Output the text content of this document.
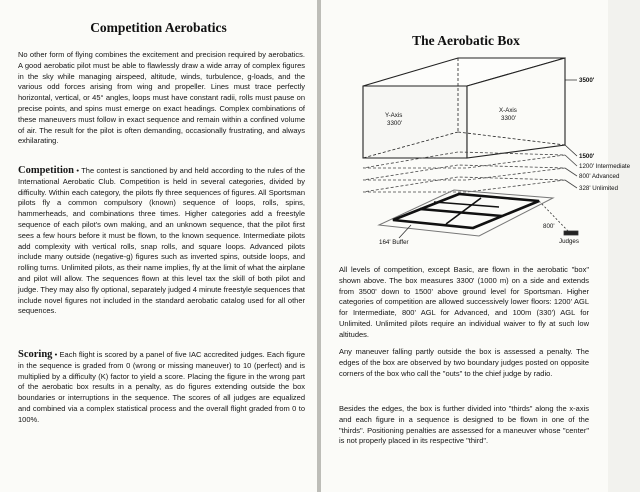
Competition Aerobatics

No other form of flying combines the excitement and precision required by aerobatics. A good aerobatic pilot must be able to flawlessly draw a wide array of complex figures in the sky while managing airspeed, altitude, winds, turbulence, g-loads, and the various odd forces arising from wing and propeller. Lines must trace perfectly horizontal, vertical, or 45° angles, loops must have constant radii, rolls must pause on precise points, and spins must emerge on exact headings. Complex combinations of these maneuvers must follow in exact sequence and remain within a confined volume of air. The result for the pilot is often demanding, occasionally frustrating, and always exhilarating.

Competition • The contest is sanctioned by and held according to the rules of the International Aerobatic Club. Competition is held in several categories, divided by difficulty. Within each category, the pilots fly three sequences of figures. All Sportsman pilots fly a common compulsory (known) sequence of loops, rolls, spins, hammerheads, and combinations three times. Higher categories add a freestyle sequence of each pilot's own making, and an unknown sequence, that the pilot first sees a few hours before it must be flown, to the known sequence. Intermediate pilots add complexity with vertical rolls, snap rolls, and square loops. Advanced pilots include many outside (negative-g) figures such as inverted spins, outside loops, and rolling turns. Unlimited pilots, as their name implies, fly at the limit of what the airplane and pilot will allow. The sequences flown at this level tax the skill of both pilot and judge. They may also fly optional, separately judged 4 minute freestyle sequences that include novel figures not included in the standard aerobatic catalog used for all other sequences.

Scoring • Each flight is scored by a panel of five IAC accredited judges. Each figure in the sequence is graded from 0 (wrong or missing maneuver) to 10 (perfect) and is multiplied by a difficulty (K) factor to yield a score. Placing the figure in the wrong part of the aerobatic box results in a penalty, as do figures extending outside the box boundaries or interruptions in the sequence. The scores of all judges are equalized and combined via a complex statistical process and the overall flight graded from 0 to 100%.

The Aerobatic Box
3500'
1500'
1200' Intermediate
800' Advanced
328' Unlimited
Y-Axis
3300'
X-Axis
3300'
164' Buffer
800'
Judges

All levels of competition, except Basic, are flown in the aerobatic "box" shown above. The box measures 3300' (1000 m) on a side and extends from 3500' down to 1500' above ground level for Sportsman. Higher categories of competition are allowed successively lower floors: 1200' AGL for Intermediate, 800' AGL for Advanced, and 100m (330') AGL for Unlimited. Unlimited pilots require an individual waiver to fly at such low altitudes.

Any maneuver falling partly outside the box is assessed a penalty. The edges of the box are observed by two boundary judges posted on opposite corners of the box who call the "outs" to the chief judge by radio.

Besides the edges, the box is further divided into "thirds" along the x-axis and each figure in a sequence is designed to be flown in one of the "thirds". Positioning penalties are assessed for a maneuver whose "center" is not properly placed in its respective "third".
